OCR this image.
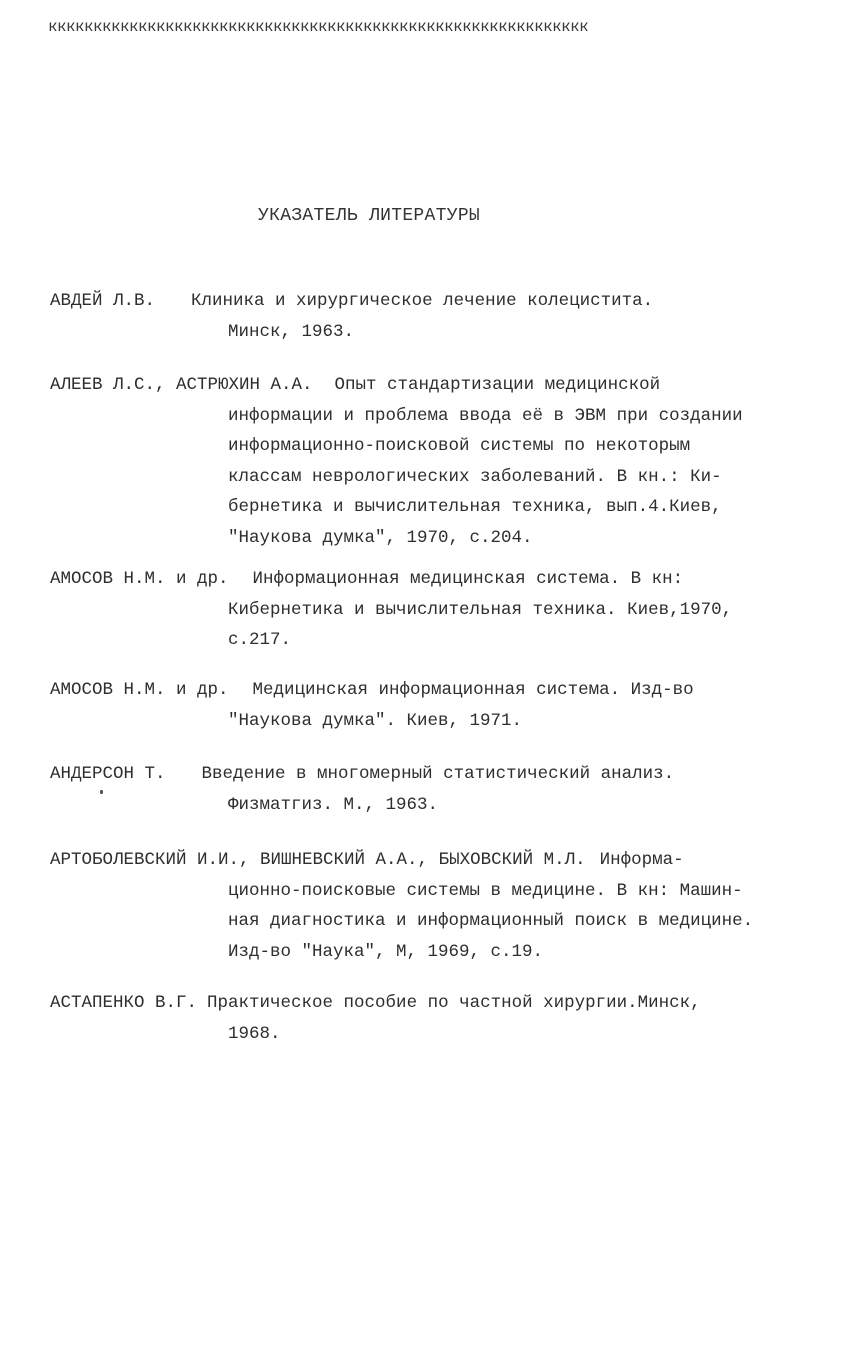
кккккккккккккккккккккккккккккккккккккккккккккккккккккккккккк
УКАЗАТЕЛЬ ЛИТЕРАТУРЫ
АВДЕЙ Л.В. Клиника и хирургическое лечение колецистита.
Минск, 1963.
АЛЕЕВ Л.С., АСТРЮХИН А.А. Опыт стандартизации медицинской
информации и проблема ввода её в ЭВМ при создании
информационно-поисковой системы по некоторым
классам неврологических заболеваний. В кн.: Ки-
бернетика и вычислительная техника, вып.4.Киев,
"Наукова думка", 1970, с.204.
АМОСОВ Н.М. и др. Информационная медицинская система. В кн:
Кибернетика и вычислительная техника. Киев,1970,
с.217.
АМОСОВ Н.М. и др. Медицинская информационная система. Изд-во
"Наукова думка". Киев, 1971.
АНДЕРСОН Т. Введение в многомерный статистический анализ.
Физматгиз. М., 1963.
АРТОБОЛЕВСКИЙ И.И., ВИШНЕВСКИЙ А.А., БЫХОВСКИЙ М.Л. Информа-
ционно-поисковые системы в медицине. В кн: Машин-
ная диагностика и информационный поиск в медицине.
Изд-во "Наука", М, 1969, с.19.
АСТАПЕНКО В.Г. Практическое пособие по частной хирургии.Минск,
1968.
